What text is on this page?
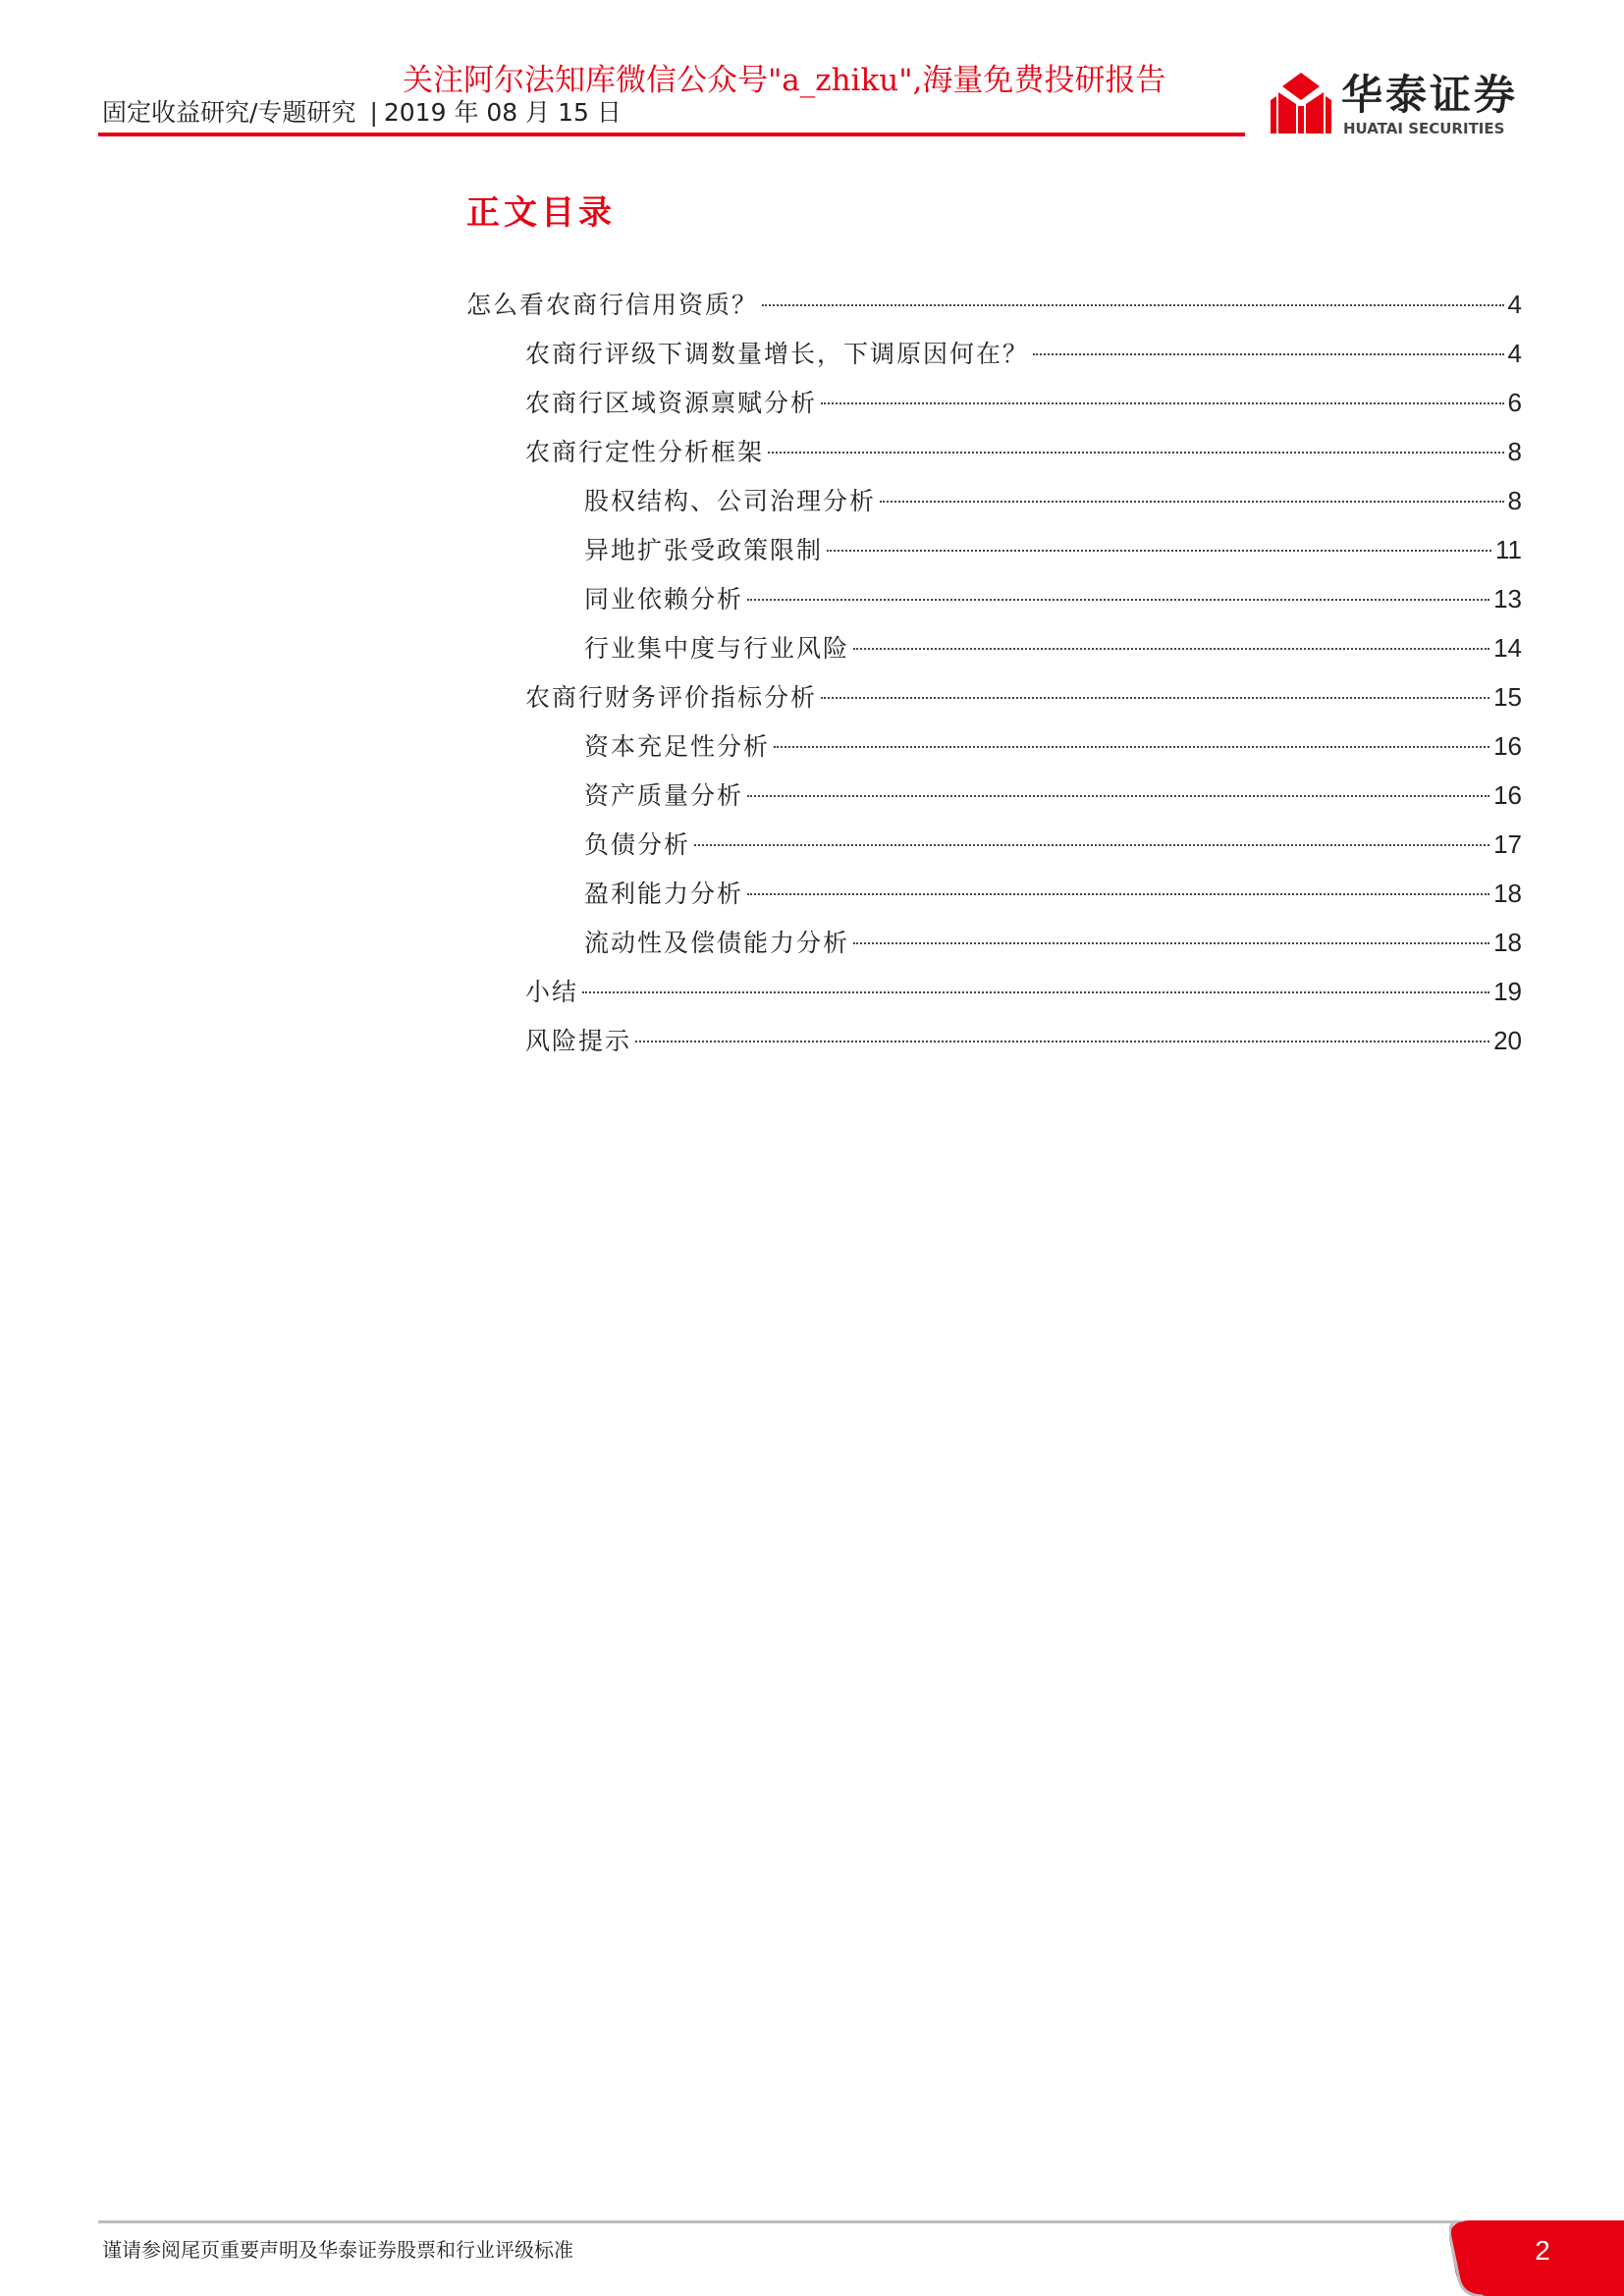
关注阿尔法知库微信公众号"a_zhiku",海量免费投研报告
固定收益研究/专题研究 | 2019 年 08 月 15 日	华泰证券
HUATAI SECURITIES
正文目录
怎么看农商行信用资质？	4
农商行评级下调数量增长，下调原因何在？	4
农商行区域资源禀赋分析	6
农商行定性分析框架	8
股权结构、公司治理分析	8
异地扩张受政策限制	11
同业依赖分析	13
行业集中度与行业风险	14
农商行财务评价指标分析	15
资本充足性分析	16
资产质量分析	16
负债分析	17
盈利能力分析	18
流动性及偿债能力分析	18
小结	19
风险提示	20
谨请参阅尾页重要声明及华泰证券股票和行业评级标准	2
